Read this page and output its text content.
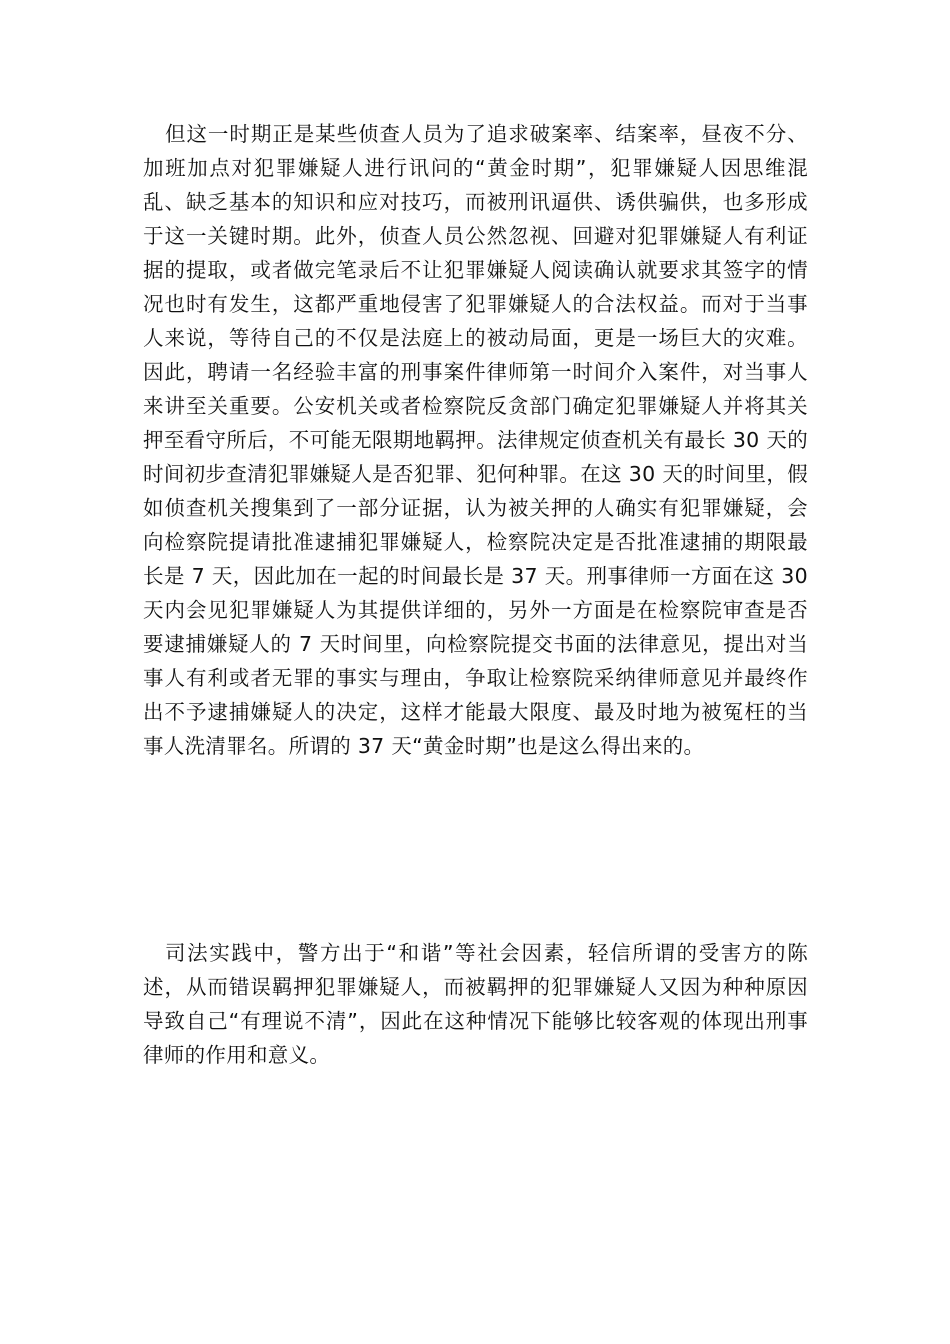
但这一时期正是某些侦查人员为了追求破案率、结案率，昼夜不分、加班加点对犯罪嫌疑人进行讯问的“黄金时期”，犯罪嫌疑人因思维混乱、缺乏基本的知识和应对技巧，而被刑讯逼供、诱供骗供，也多形成于这一关键时期。此外，侦查人员公然忽视、回避对犯罪嫌疑人有利证据的提取，或者做完笔录后不让犯罪嫌疑人阅读确认就要求其签字的情况也时有发生，这都严重地侵害了犯罪嫌疑人的合法权益。而对于当事人来说，等待自己的不仅是法庭上的被动局面，更是一场巨大的灾难。因此，聘请一名经验丰富的刑事案件律师第一时间介入案件，对当事人来讲至关重要。公安机关或者检察院反贪部门确定犯罪嫌疑人并将其关押至看守所后，不可能无限期地羁押。法律规定侦查机关有最长 30 天的时间初步查清犯罪嫌疑人是否犯罪、犯何种罪。在这 30 天的时间里，假如侦查机关搜集到了一部分证据，认为被关押的人确实有犯罪嫌疑，会向检察院提请批准逮捕犯罪嫌疑人，检察院决定是否批准逮捕的期限最长是 7 天，因此加在一起的时间最长是 37 天。刑事律师一方面在这 30 天内会见犯罪嫌疑人为其提供详细的，另外一方面是在检察院审查是否要逮捕嫌疑人的 7 天时间里，向检察院提交书面的法律意见，提出对当事人有利或者无罪的事实与理由，争取让检察院采纳律师意见并最终作出不予逮捕嫌疑人的决定，这样才能最大限度、最及时地为被冤枉的当事人洗清罪名。所谓的 37 天“黄金时期”也是这么得出来的。

司法实践中，警方出于“和谐”等社会因素，轻信所谓的受害方的陈述，从而错误羁押犯罪嫌疑人，而被羁押的犯罪嫌疑人又因为种种原因导致自己“有理说不清”，因此在这种情况下能够比较客观的体现出刑事律师的作用和意义。
